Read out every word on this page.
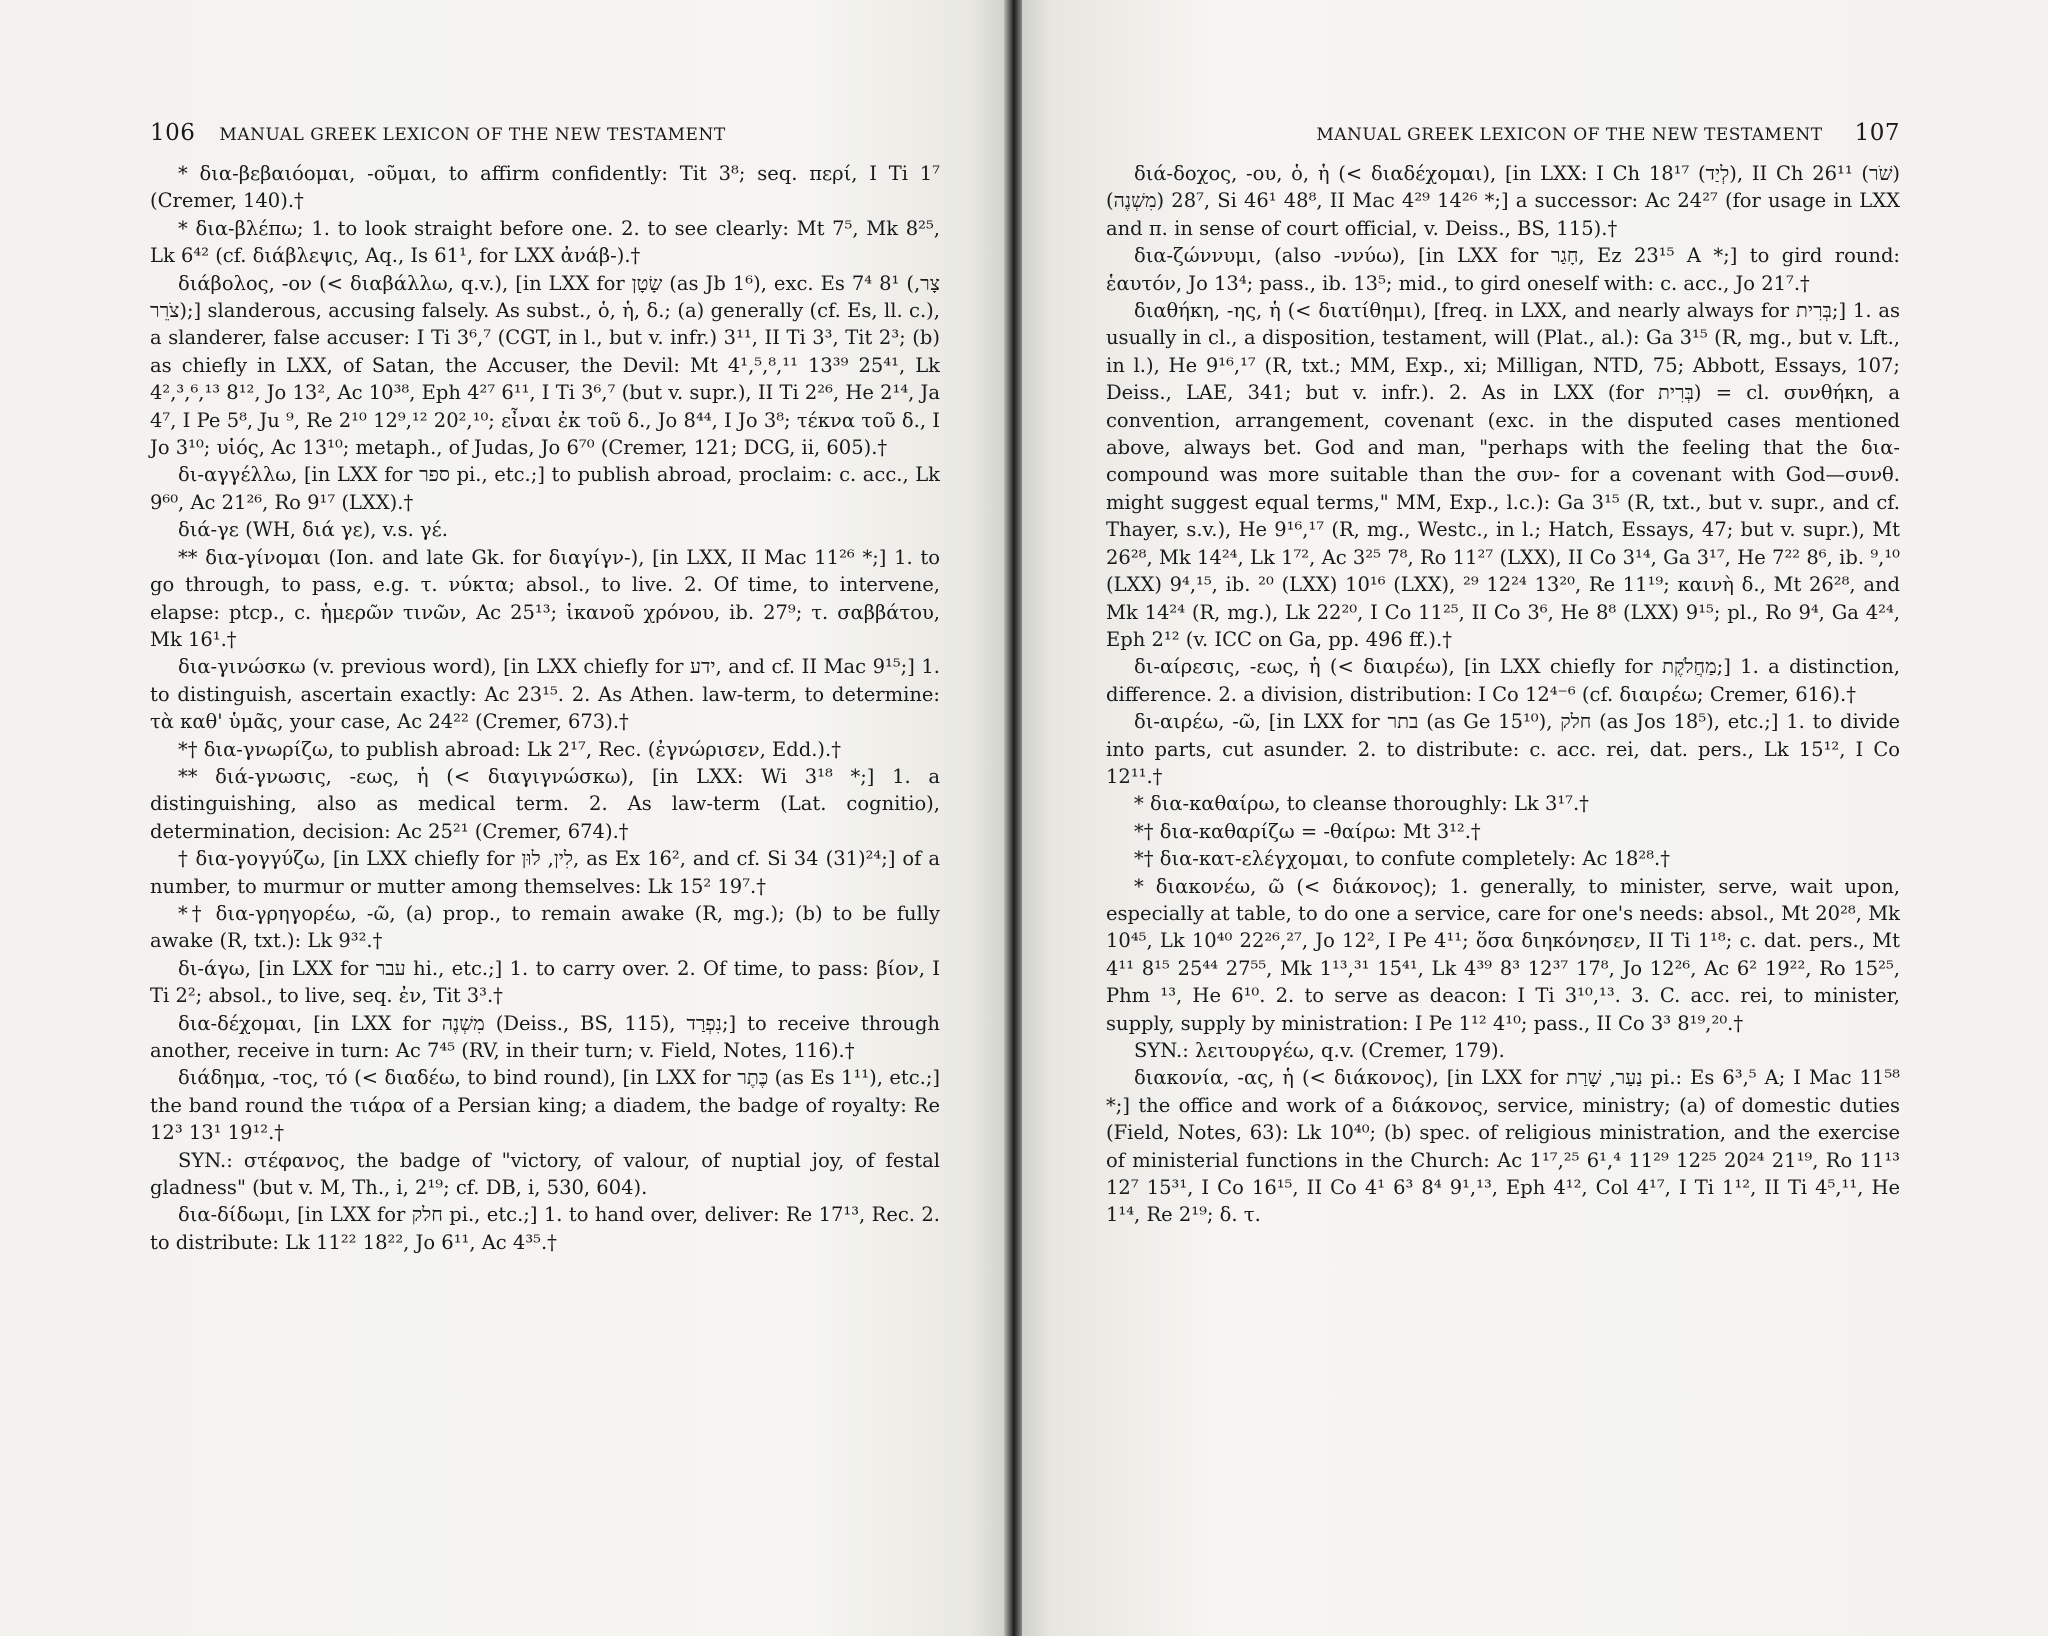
106 MANUAL GREEK LEXICON OF THE NEW TESTAMENT

* δια-βεβαιόομαι, -οῦμαι, to affirm confidently: Tit 3⁸; seq. περί, I Ti 1⁷ (Cremer, 140).†

* δια-βλέπω; 1. to look straight before one. 2. to see clearly: Mt 7⁵, Mk 8²⁵, Lk 6⁴² (cf. διάβλεψις, Aq., Is 61¹, for LXX ἀνάβ-).†

διάβολος, -ον (< διαβάλλω, q.v.), [in LXX for שָׂטָן (as Jb 1⁶), exc. Es 7⁴ 8¹ (צָר, צֹרֵר);] slanderous, accusing falsely. As subst., ὁ, ἡ, δ.; (a) generally (cf. Es, ll. c.), a slanderer, false accuser: I Ti 3⁶,⁷ (CGT, in l., but v. infr.) 3¹¹, II Ti 3³, Tit 2³; (b) as chiefly in LXX, of Satan, the Accuser, the Devil: Mt 4¹,⁵,⁸,¹¹ 13³⁹ 25⁴¹, Lk 4²,³,⁶,¹³ 8¹², Jo 13², Ac 10³⁸, Eph 4²⁷ 6¹¹, I Ti 3⁶,⁷ (but v. supr.), II Ti 2²⁶, He 2¹⁴, Ja 4⁷, I Pe 5⁸, Ju ⁹, Re 2¹⁰ 12⁹,¹² 20²,¹⁰; εἶναι ἐκ τοῦ δ., Jo 8⁴⁴, I Jo 3⁸; τέκνα τοῦ δ., I Jo 3¹⁰; υἱός, Ac 13¹⁰; metaph., of Judas, Jo 6⁷⁰ (Cremer, 121; DCG, ii, 605).†

δι-αγγέλλω, [in LXX for ספר pi., etc.;] to publish abroad, proclaim: c. acc., Lk 9⁶⁰, Ac 21²⁶, Ro 9¹⁷ (LXX).†

διά-γε (WH, διά γε), v.s. γέ.

** δια-γίνομαι (Ion. and late Gk. for διαγίγν-), [in LXX, II Mac 11²⁶ *;] 1. to go through, to pass, e.g. τ. νύκτα; absol., to live. 2. Of time, to intervene, elapse: ptcp., c. ἡμερῶν τινῶν, Ac 25¹³; ἱκανοῦ χρόνου, ib. 27⁹; τ. σαββάτου, Mk 16¹.†

δια-γινώσκω (v. previous word), [in LXX chiefly for ידע, and cf. II Mac 9¹⁵;] 1. to distinguish, ascertain exactly: Ac 23¹⁵. 2. As Athen. law-term, to determine: τὰ καθ' ὑμᾶς, your case, Ac 24²² (Cremer, 673).†

*† δια-γνωρίζω, to publish abroad: Lk 2¹⁷, Rec. (ἐγνώρισεν, Edd.).†

** διά-γνωσις, -εως, ἡ (< διαγιγνώσκω), [in LXX: Wi 3¹⁸ *;] 1. a distinguishing, also as medical term. 2. As law-term (Lat. cognitio), determination, decision: Ac 25²¹ (Cremer, 674).†

† δια-γογγύζω, [in LXX chiefly for לִין, לוּן, as Ex 16², and cf. Si 34 (31)²⁴;] of a number, to murmur or mutter among themselves: Lk 15² 19⁷.†

*† δια-γρηγορέω, -ῶ, (a) prop., to remain awake (R, mg.); (b) to be fully awake (R, txt.): Lk 9³².†

δι-άγω, [in LXX for עבר hi., etc.;] 1. to carry over. 2. Of time, to pass: βίον, I Ti 2²; absol., to live, seq. ἐν, Tit 3³.†

δια-δέχομαι, [in LXX for מִשְׁנֶה (Deiss., BS, 115), נִפְרַד;] to receive through another, receive in turn: Ac 7⁴⁵ (RV, in their turn; v. Field, Notes, 116).†

διάδημα, -τος, τό (< διαδέω, to bind round), [in LXX for כֶּתֶר (as Es 1¹¹), etc.;] the band round the τιάρα of a Persian king; a diadem, the badge of royalty: Re 12³ 13¹ 19¹².†

SYN.: στέφανος, the badge of "victory, of valour, of nuptial joy, of festal gladness" (but v. M, Th., i, 2¹⁹; cf. DB, i, 530, 604).

δια-δίδωμι, [in LXX for חלק pi., etc.;] 1. to hand over, deliver: Re 17¹³, Rec. 2. to distribute: Lk 11²² 18²², Jo 6¹¹, Ac 4³⁵.†

MANUAL GREEK LEXICON OF THE NEW TESTAMENT 107

διά-δοχος, -ου, ὁ, ἡ (< διαδέχομαι), [in LXX: I Ch 18¹⁷ (לְיַד), II Ch 26¹¹ (שֹׁר) 28⁷ (מִשְׁנֶה), Si 46¹ 48⁸, II Mac 4²⁹ 14²⁶ *;] a successor: Ac 24²⁷ (for usage in LXX and π. in sense of court official, v. Deiss., BS, 115).†

δια-ζώννυμι, (also -ννύω), [in LXX for חָגַר, Ez 23¹⁵ A *;] to gird round: ἑαυτόν, Jo 13⁴; pass., ib. 13⁵; mid., to gird oneself with: c. acc., Jo 21⁷.†

διαθήκη, -ης, ἡ (< διατίθημι), [freq. in LXX, and nearly always for בְּרִית;] 1. as usually in cl., a disposition, testament, will (Plat., al.): Ga 3¹⁵ (R, mg., but v. Lft., in l.), He 9¹⁶,¹⁷ (R, txt.; MM, Exp., xi; Milligan, NTD, 75; Abbott, Essays, 107; Deiss., LAE, 341; but v. infr.). 2. As in LXX (for בְּרִית) = cl. συνθήκη, a convention, arrangement, covenant (exc. in the disputed cases mentioned above, always bet. God and man, "perhaps with the feeling that the δια- compound was more suitable than the συν- for a covenant with God—συνθ. might suggest equal terms," MM, Exp., l.c.): Ga 3¹⁵ (R, txt., but v. supr., and cf. Thayer, s.v.), He 9¹⁶,¹⁷ (R, mg., Westc., in l.; Hatch, Essays, 47; but v. supr.), Mt 26²⁸, Mk 14²⁴, Lk 1⁷², Ac 3²⁵ 7⁸, Ro 11²⁷ (LXX), II Co 3¹⁴, Ga 3¹⁷, He 7²² 8⁶, ib. ⁹,¹⁰ (LXX) 9⁴,¹⁵, ib. ²⁰ (LXX) 10¹⁶ (LXX), ²⁹ 12²⁴ 13²⁰, Re 11¹⁹; καινὴ δ., Mt 26²⁸, and Mk 14²⁴ (R, mg.), Lk 22²⁰, I Co 11²⁵, II Co 3⁶, He 8⁸ (LXX) 9¹⁵; pl., Ro 9⁴, Ga 4²⁴, Eph 2¹² (v. ICC on Ga, pp. 496 ff.).†

δι-αίρεσις, -εως, ἡ (< διαιρέω), [in LXX chiefly for מַחֲלֹקֶת;] 1. a distinction, difference. 2. a division, distribution: I Co 12⁴⁻⁶ (cf. διαιρέω; Cremer, 616).†

δι-αιρέω, -ῶ, [in LXX for בתר (as Ge 15¹⁰), חלק (as Jos 18⁵), etc.;] 1. to divide into parts, cut asunder. 2. to distribute: c. acc. rei, dat. pers., Lk 15¹², I Co 12¹¹.†

* δια-καθαίρω, to cleanse thoroughly: Lk 3¹⁷.†

*† δια-καθαρίζω = -θαίρω: Mt 3¹².†

*† δια-κατ-ελέγχομαι, to confute completely: Ac 18²⁸.†

* διακονέω, ῶ (< διάκονος); 1. generally, to minister, serve, wait upon, especially at table, to do one a service, care for one's needs: absol., Mt 20²⁸, Mk 10⁴⁵, Lk 10⁴⁰ 22²⁶,²⁷, Jo 12², I Pe 4¹¹; ὅσα διηκόνησεν, II Ti 1¹⁸; c. dat. pers., Mt 4¹¹ 8¹⁵ 25⁴⁴ 27⁵⁵, Mk 1¹³,³¹ 15⁴¹, Lk 4³⁹ 8³ 12³⁷ 17⁸, Jo 12²⁶, Ac 6² 19²², Ro 15²⁵, Phm ¹³, He 6¹⁰. 2. to serve as deacon: I Ti 3¹⁰,¹³. 3. C. acc. rei, to minister, supply, supply by ministration: I Pe 1¹² 4¹⁰; pass., II Co 3³ 8¹⁹,²⁰.†

SYN.: λειτουργέω, q.v. (Cremer, 179).

διακονία, -ας, ἡ (< διάκονος), [in LXX for נַעַר, שָׁרַת pi.: Es 6³,⁵ A; I Mac 11⁵⁸ *;] the office and work of a διάκονος, service, ministry; (a) of domestic duties (Field, Notes, 63): Lk 10⁴⁰; (b) spec. of religious ministration, and the exercise of ministerial functions in the Church: Ac 1¹⁷,²⁵ 6¹,⁴ 11²⁹ 12²⁵ 20²⁴ 21¹⁹, Ro 11¹³ 12⁷ 15³¹, I Co 16¹⁵, II Co 4¹ 6³ 8⁴ 9¹,¹³, Eph 4¹², Col 4¹⁷, I Ti 1¹², II Ti 4⁵,¹¹, He 1¹⁴, Re 2¹⁹; δ. τ.
